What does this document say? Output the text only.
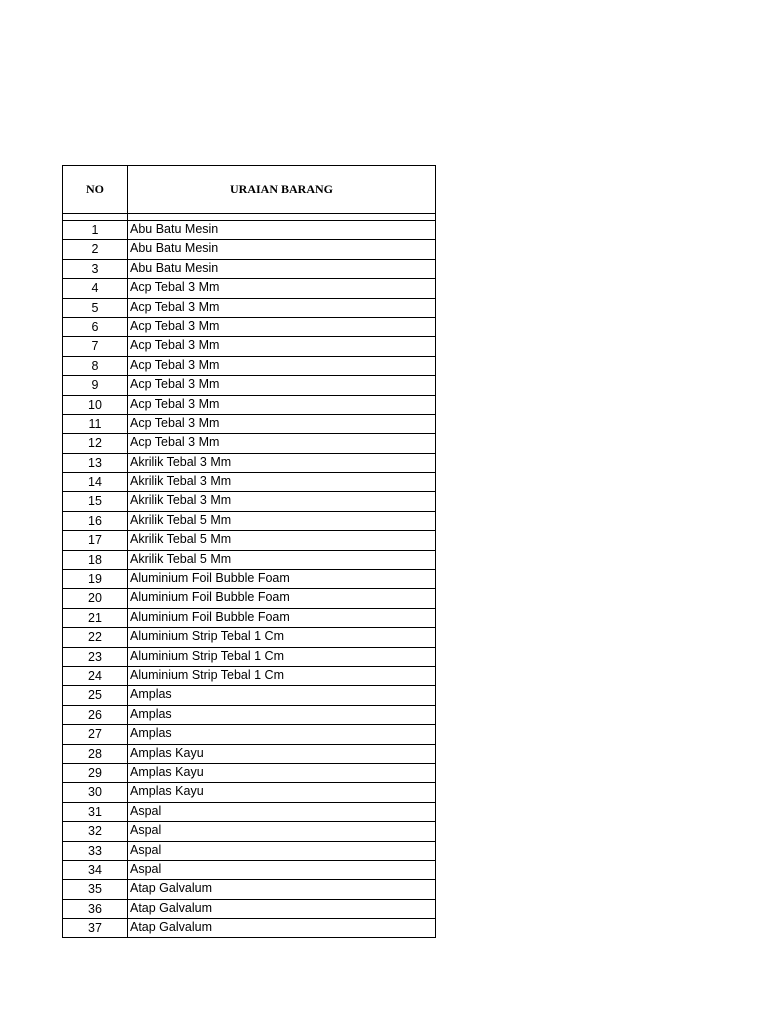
NO	URAIAN BARANG
1	Abu Batu Mesin
2	Abu Batu Mesin
3	Abu Batu Mesin
4	Acp Tebal 3 Mm
5	Acp Tebal 3 Mm
6	Acp Tebal 3 Mm
7	Acp Tebal 3 Mm
8	Acp Tebal 3 Mm
9	Acp Tebal 3 Mm
10	Acp Tebal 3 Mm
11	Acp Tebal 3 Mm
12	Acp Tebal 3 Mm
13	Akrilik Tebal 3 Mm
14	Akrilik Tebal 3 Mm
15	Akrilik Tebal 3 Mm
16	Akrilik Tebal 5 Mm
17	Akrilik Tebal 5 Mm
18	Akrilik Tebal 5 Mm
19	Aluminium Foil Bubble Foam
20	Aluminium Foil Bubble Foam
21	Aluminium Foil Bubble Foam
22	Aluminium Strip Tebal 1 Cm
23	Aluminium Strip Tebal 1 Cm
24	Aluminium Strip Tebal 1 Cm
25	Amplas
26	Amplas
27	Amplas
28	Amplas Kayu
29	Amplas Kayu
30	Amplas Kayu
31	Aspal
32	Aspal
33	Aspal
34	Aspal
35	Atap Galvalum
36	Atap Galvalum
37	Atap Galvalum
